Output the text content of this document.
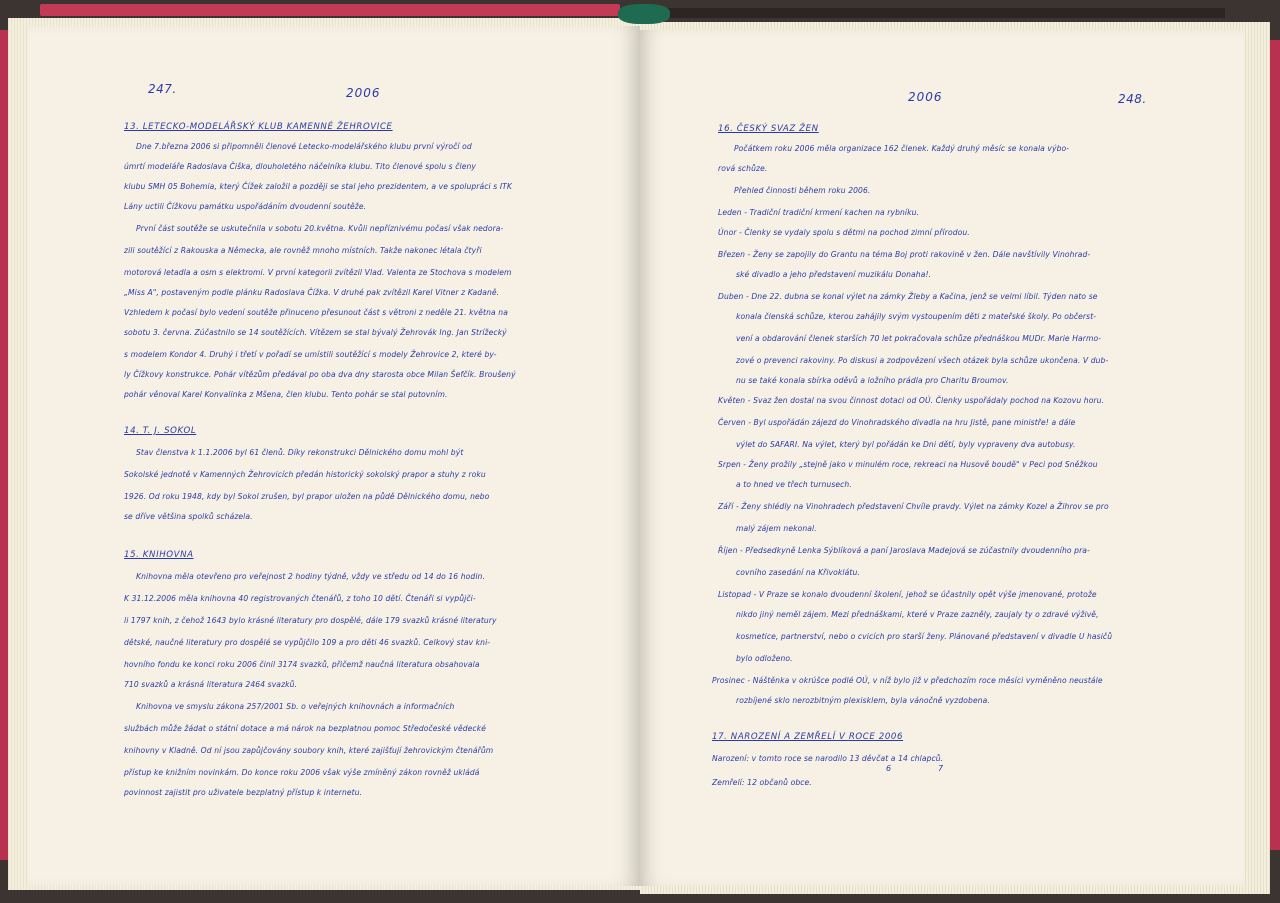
247.	2006
13. LETECKO-MODELÁŘSKÝ KLUB KAMENNÉ ŽEHROVICE
Dne 7.března 2006 si připomněli členové Letecko-modelářského klubu první výročí od
úmrtí modeláře Radoslava Čiška, dlouholetého náčelníka klubu. Tito členové spolu s členy
klubu SMH 05 Bohemia, který Čížek založil a později se stal jeho prezidentem, a ve spolupráci s ITK
Lány uctili Čížkovu památku uspořádáním dvoudenní soutěže.
První část soutěže se uskutečnila v sobotu 20.května. Kvůli nepříznivému počasí však nedora-
zili soutěžící z Rakouska a Německa, ale rovněž mnoho místních. Takže nakonec létala čtyři
motorová letadla a osm s elektromi. V první kategorii zvítězil Vlad. Valenta ze Stochova s modelem
„Miss A", postaveným podle plánku Radoslava Čížka. V druhé pak zvítězil Karel Vitner z Kadaně.
Vzhledem k počasí bylo vedení soutěže přinuceno přesunout část s větroni z neděle 21. května na
sobotu 3. června. Zúčastnilo se 14 soutěžících. Vítězem se stal bývalý Žehrovák Ing. Jan Strížecký
s modelem Kondor 4. Druhý i třetí v pořadí se umístili soutěžící s modely Žehrovice 2, které by-
ly Čížkovy konstrukce. Pohár vítězům předával po oba dva dny starosta obce Milan Šefčík. Broušený
pohár věnoval Karel Konvalinka z Mšena, člen klubu. Tento pohár se stal putovním.
14. T. J. SOKOL
Stav členstva k 1.1.2006 byl 61 členů. Díky rekonstrukci Dělnického domu mohl být
Sokolské jednotě v Kamenných Žehrovicích předán historický sokolský prapor a stuhy z roku
1926. Od roku 1948, kdy byl Sokol zrušen, byl prapor uložen na půdě Dělnického domu, nebo
se dříve většina spolků scházela.
15. KNIHOVNA
Knihovna měla otevřeno pro veřejnost 2 hodiny týdně, vždy ve středu od 14 do 16 hodin.
K 31.12.2006 měla knihovna 40 registrovaných čtenářů, z toho 10 dětí. Čtenáři si vypůjči-
li 1797 knih, z čehož 1643 bylo krásné literatury pro dospělé, dále 179 svazků krásné literatury
dětské, naučné literatury pro dospělé se vypůjčilo 109 a pro děti 46 svazků. Celkový stav kni-
hovního fondu ke konci roku 2006 činil 3174 svazků, přičemž naučná literatura obsahovala
710 svazků a krásná literatura 2464 svazků.
Knihovna ve smyslu zákona 257/2001 Sb. o veřejných knihovnách a informačních
službách může žádat o státní dotace a má nárok na bezplatnou pomoc Středočeské vědecké
knihovny v Kladně. Od ní jsou zapůjčovány soubory knih, které zajišťují žehrovickým čtenářům
přístup ke knižním novinkám. Do konce roku 2006 však výše zmíněný zákon rovněž ukládá
povinnost zajistit pro uživatele bezplatný přístup k internetu.
2006	248.
16. ČESKÝ SVAZ ŽEN
Počátkem roku 2006 měla organizace 162 členek. Každý druhý měsíc se konala výbo-
rová schůze.
Přehled činnosti během roku 2006.
Leden - Tradiční tradiční krmení kachen na rybníku.
Únor - Členky se vydaly spolu s dětmi na pochod zimní přírodou.
Březen - Ženy se zapojily do Grantu na téma Boj proti rakovině v žen. Dále navštívily Vinohrad-
ské divadlo a jeho představení muzikálu Donaha!.
Duben - Dne 22. dubna se konal výlet na zámky Žleby a Kačina, jenž se velmi líbil. Týden nato se
konala členská schůze, kterou zahájily svým vystoupením děti z mateřské školy. Po občerst-
vení a obdarování členek starších 70 let pokračovala schůze přednáškou MUDr. Marie Harmo-
zové o prevenci rakoviny. Po diskusi a zodpovězení všech otázek byla schůze ukončena. V dub-
nu se také konala sbírka oděvů a ložního prádla pro Charitu Broumov.
Květen - Svaz žen dostal na svou činnost dotaci od OÚ. Členky uspořádaly pochod na Kozovu horu.
Červen - Byl uspořádán zájezd do Vinohradského divadla na hru Jistě, pane ministře! a dále
výlet do SAFARI. Na výlet, který byl pořádán ke Dni dětí, byly vypraveny dva autobusy.
Srpen - Ženy prožily „stejně jako v minulém roce, rekreaci na Husově boudě" v Peci pod Sněžkou
a to hned ve třech turnusech.
Září - Ženy shlédly na Vinohradech představení Chvíle pravdy. Výlet na zámky Kozel a Žihrov se pro
malý zájem nekonal.
Říjen - Předsedkyně Lenka Sýblíková a paní Jaroslava Madejová se zúčastnily dvoudenního pra-
covního zasedání na Křivoklátu.
Listopad - V Praze se konalo dvoudenní školení, jehož se účastnily opět výše jmenované, protože
nikdo jiný neměl zájem. Mezi přednáškami, které v Praze zazněly, zaujaly ty o zdravé výživě,
kosmetice, partnerství, nebo o cvicích pro starší ženy. Plánované představení v divadle U hasičů
bylo odloženo.
Prosinec - Náštěnka v okrúšce podlé OÚ, v níž bylo již v předchozím roce měsíci vyměněno neustále
rozbíjené sklo nerozbitným plexisklem, byla vánočně vyzdobena.
17. NAROZENÍ A ZEMŘELÍ V ROCE 2006
Narození: v tomto roce se narodilo 13 děvčat a 14 chlapců.
6	7
Zemřelí: 12 občanů obce.
